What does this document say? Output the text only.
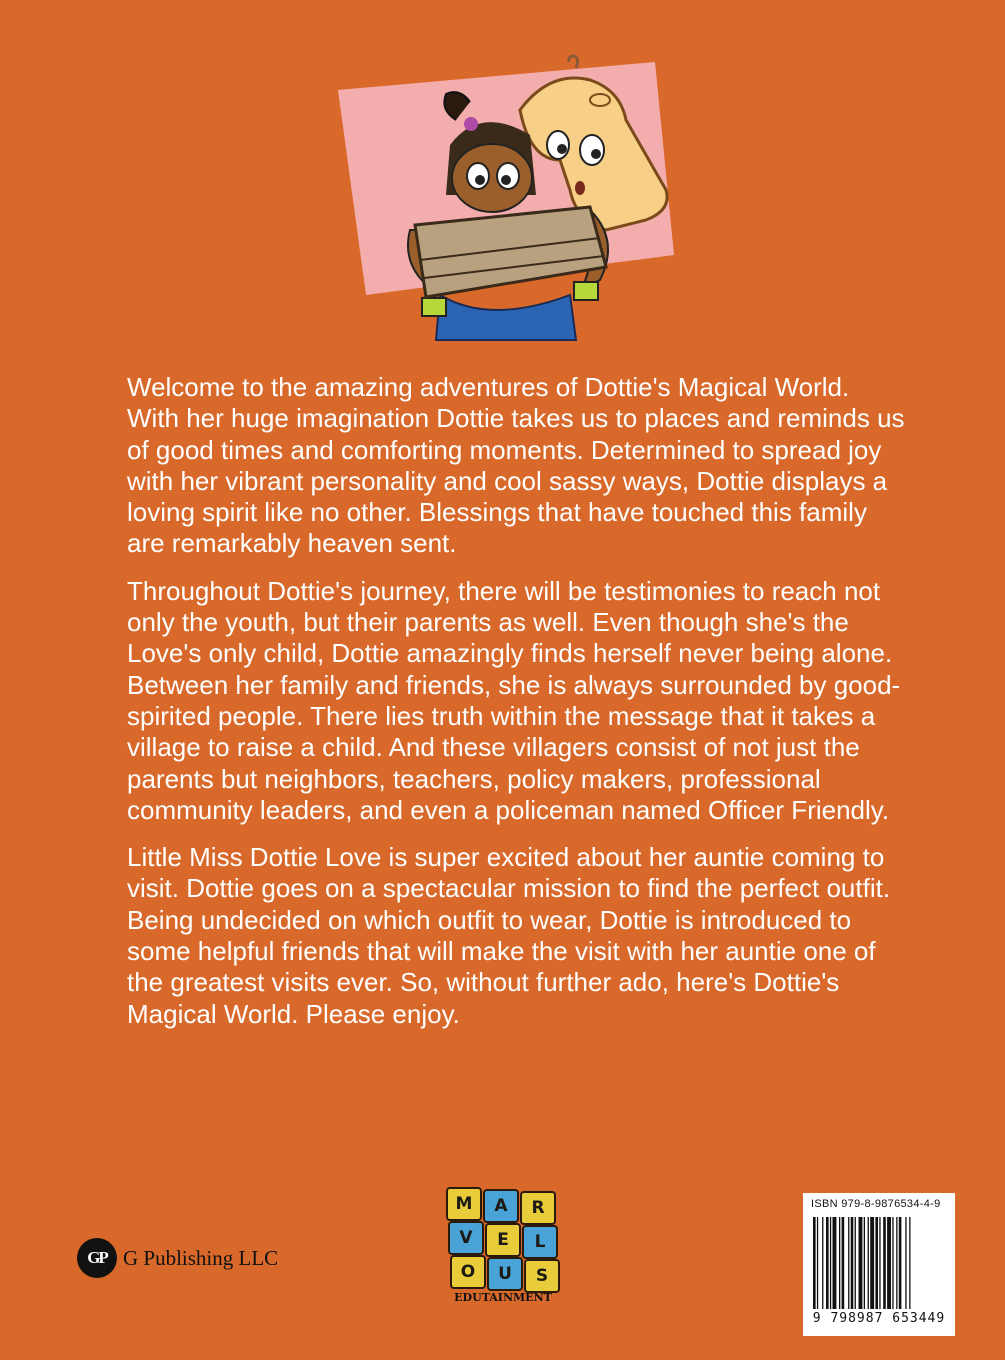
Welcome to the amazing adventures of Dottie's Magical World. With her huge imagination Dottie takes us to places and reminds us of good times and comforting moments. Determined to spread joy with her vibrant personality and cool sassy ways, Dottie displays a loving spirit like no other. Blessings that have touched this family are remarkably heaven sent.

Throughout Dottie's journey, there will be testimonies to reach not only the youth, but their parents as well. Even though she's the Love's only child, Dottie amazingly finds herself never being alone. Between her family and friends, she is always surrounded by good-spirited people. There lies truth within the message that it takes a village to raise a child. And these villagers consist of not just the parents but neighbors, teachers, policy makers, professional community leaders, and even a policeman named Officer Friendly.

Little Miss Dottie Love is super excited about her auntie coming to visit. Dottie goes on a spectacular mission to find the perfect outfit. Being undecided on which outfit to wear, Dottie is introduced to some helpful friends that will make the visit with her auntie one of the greatest visits ever. So, without further ado, here's Dottie's Magical World. Please enjoy.

GP G Publishing LLC
M A R
V E L
O U S
EDUTAINMENT
ISBN 979-8-9876534-4-9
9 798987 653449
